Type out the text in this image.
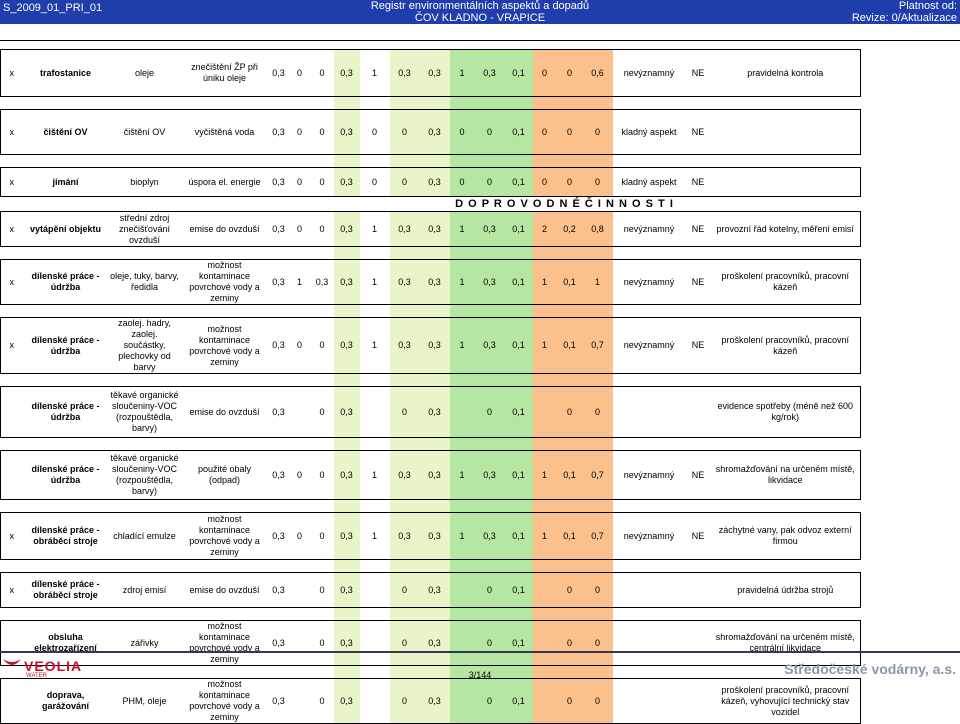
S_2009_01_PRI_01	Registr environmentálních aspektů a dopadů
ČOV KLADNO - VRAPICE
Platnost od:
Revize: 0/Aktualizace
x	trafostanice	oleje	znečištění ŽP při úniku oleje	0,3	0	0	0,3	1	0,3	0,3	1	0,3	0,1	0	0	0,6	nevýznamný	NE	pravidelná kontrola

x	čištění OV	čištění OV	vyčištěná voda	0,3	0	0	0,3	0	0	0,3	0	0	0,1	0	0	0	kladný aspekt	NE	

x	jímání	bioplyn	úspora el. energie	0,3	0	0	0,3	0	0	0,3	0	0	0,1	0	0	0	kladný aspekt	NE	
				D O P R O V O D N É Č I N N O S T I															
x	vytápění objektu	střední zdroj znečišťování ovzduší	emise do ovzduší	0,3	0	0	0,3	1	0,3	0,3	1	0,3	0,1	2	0,2	0,8	nevýznamný	NE	provozní řád kotelny, měření emisí

x	dílenské práce - údržba	oleje, tuky, barvy, ředidla	možnost kontaminace povrchové vody a zeminy	0,3	1	0,3	0,3	1	0,3	0,3	1	0,3	0,1	1	0,1	1	nevýznamný	NE	proškolení pracovníků, pracovní kázeň

x	dílenské práce - údržba	zaolej. hadry, zaolej. součástky, plechovky od barvy	možnost kontaminace povrchové vody a zeminy	0,3	0	0	0,3	1	0,3	0,3	1	0,3	0,1	1	0,1	0,7	nevýznamný	NE	proškolení pracovníků, pracovní kázeň

	dílenské práce - údržba	těkavé organické sloučeniny-VOC (rozpouštědla, barvy)	emise do ovzduší	0,3		0	0,3		0	0,3		0	0,1		0	0			evidence spotřeby (méně než 600 kg/rok)

	dílenské práce - údržba	těkavé organické sloučeniny-VOC (rozpouštědla, barvy)	použité obaly (odpad)	0,3	0	0	0,3	1	0,3	0,3	1	0,3	0,1	1	0,1	0,7	nevýznamný	NE	shromažďování na určeném místě, likvidace

x	dílenské práce - obráběcí stroje	chladící emulze	možnost kontaminace povrchové vody a zeminy	0,3	0	0	0,3	1	0,3	0,3	1	0,3	0,1	1	0,1	0,7	nevýznamný	NE	záchytné vany, pak odvoz externí firmou

x	dílenské práce - obráběcí stroje	zdroj emisí	emise do ovzduší	0,3		0	0,3		0	0,3		0	0,1		0	0			pravidelná údržba strojů

	obsluha elektrozařízení	zářivky	možnost kontaminace povrchové vody a zeminy	0,3		0	0,3		0	0,3		0	0,1		0	0			shromažďování na určeném místě, centrální likvidace

	doprava, garážování	PHM, oleje	možnost kontaminace povrchové vody a zeminy	0,3		0	0,3		0	0,3		0	0,1		0	0			proškolení pracovníků, pracovní kázeň, vyhovující technický stav vozidel
VEOLIA
WATER	3/144	Středočeské vodárny, a.s.
